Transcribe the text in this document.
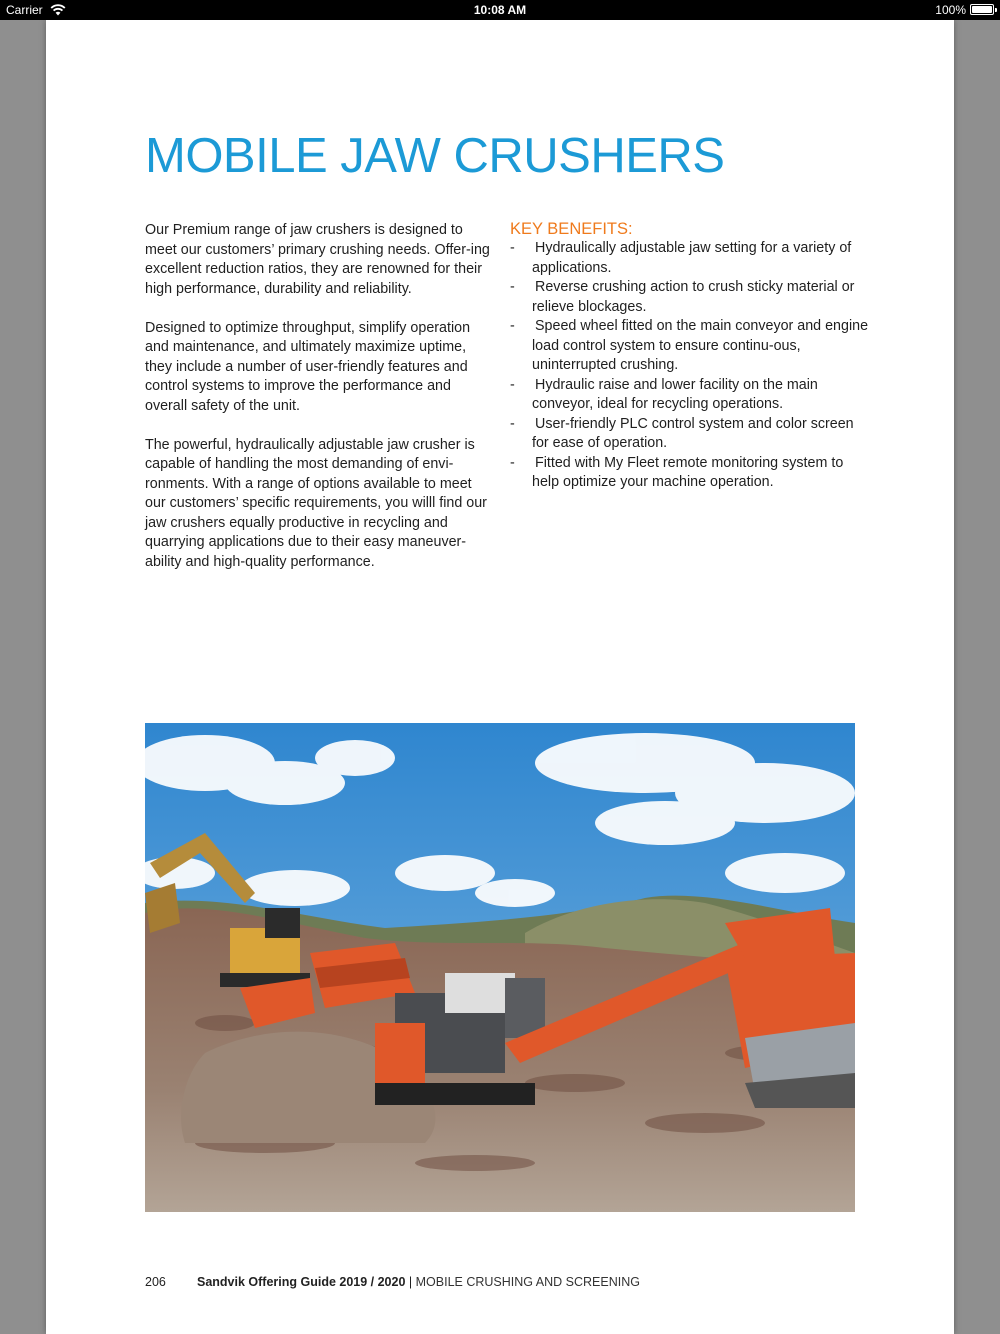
Carrier	10:08 AM	100%
MOBILE JAW CRUSHERS

Our Premium range of jaw crushers is designed to meet our customers’ primary crushing needs. Offer-ing excellent reduction ratios, they are renowned for their high performance, durability and reliability.

Designed to optimize throughput, simplify operation and maintenance, and ultimately maximize uptime, they include a number of user-friendly features and control systems to improve the performance and overall safety of the unit.

The powerful, hydraulically adjustable jaw crusher is capable of handling the most demanding of envi-ronments. With a range of options available to meet our customers’ specific requirements, you willl find our jaw crushers equally productive in recycling and quarrying applications due to their easy maneuver-ability and high-quality performance.

KEY BENEFITS:
- Hydraulically adjustable jaw setting for a variety of applications.
- Reverse crushing action to crush sticky material or relieve blockages.
- Speed wheel fitted on the main conveyor and engine load control system to ensure continu-ous, uninterrupted crushing.
- Hydraulic raise and lower facility on the main conveyor, ideal for recycling operations.
- User-friendly PLC control system and color screen for ease of operation.
- Fitted with My Fleet remote monitoring system to help optimize your machine operation.
206 Sandvik Offering Guide 2019 / 2020 | MOBILE CRUSHING AND SCREENING
